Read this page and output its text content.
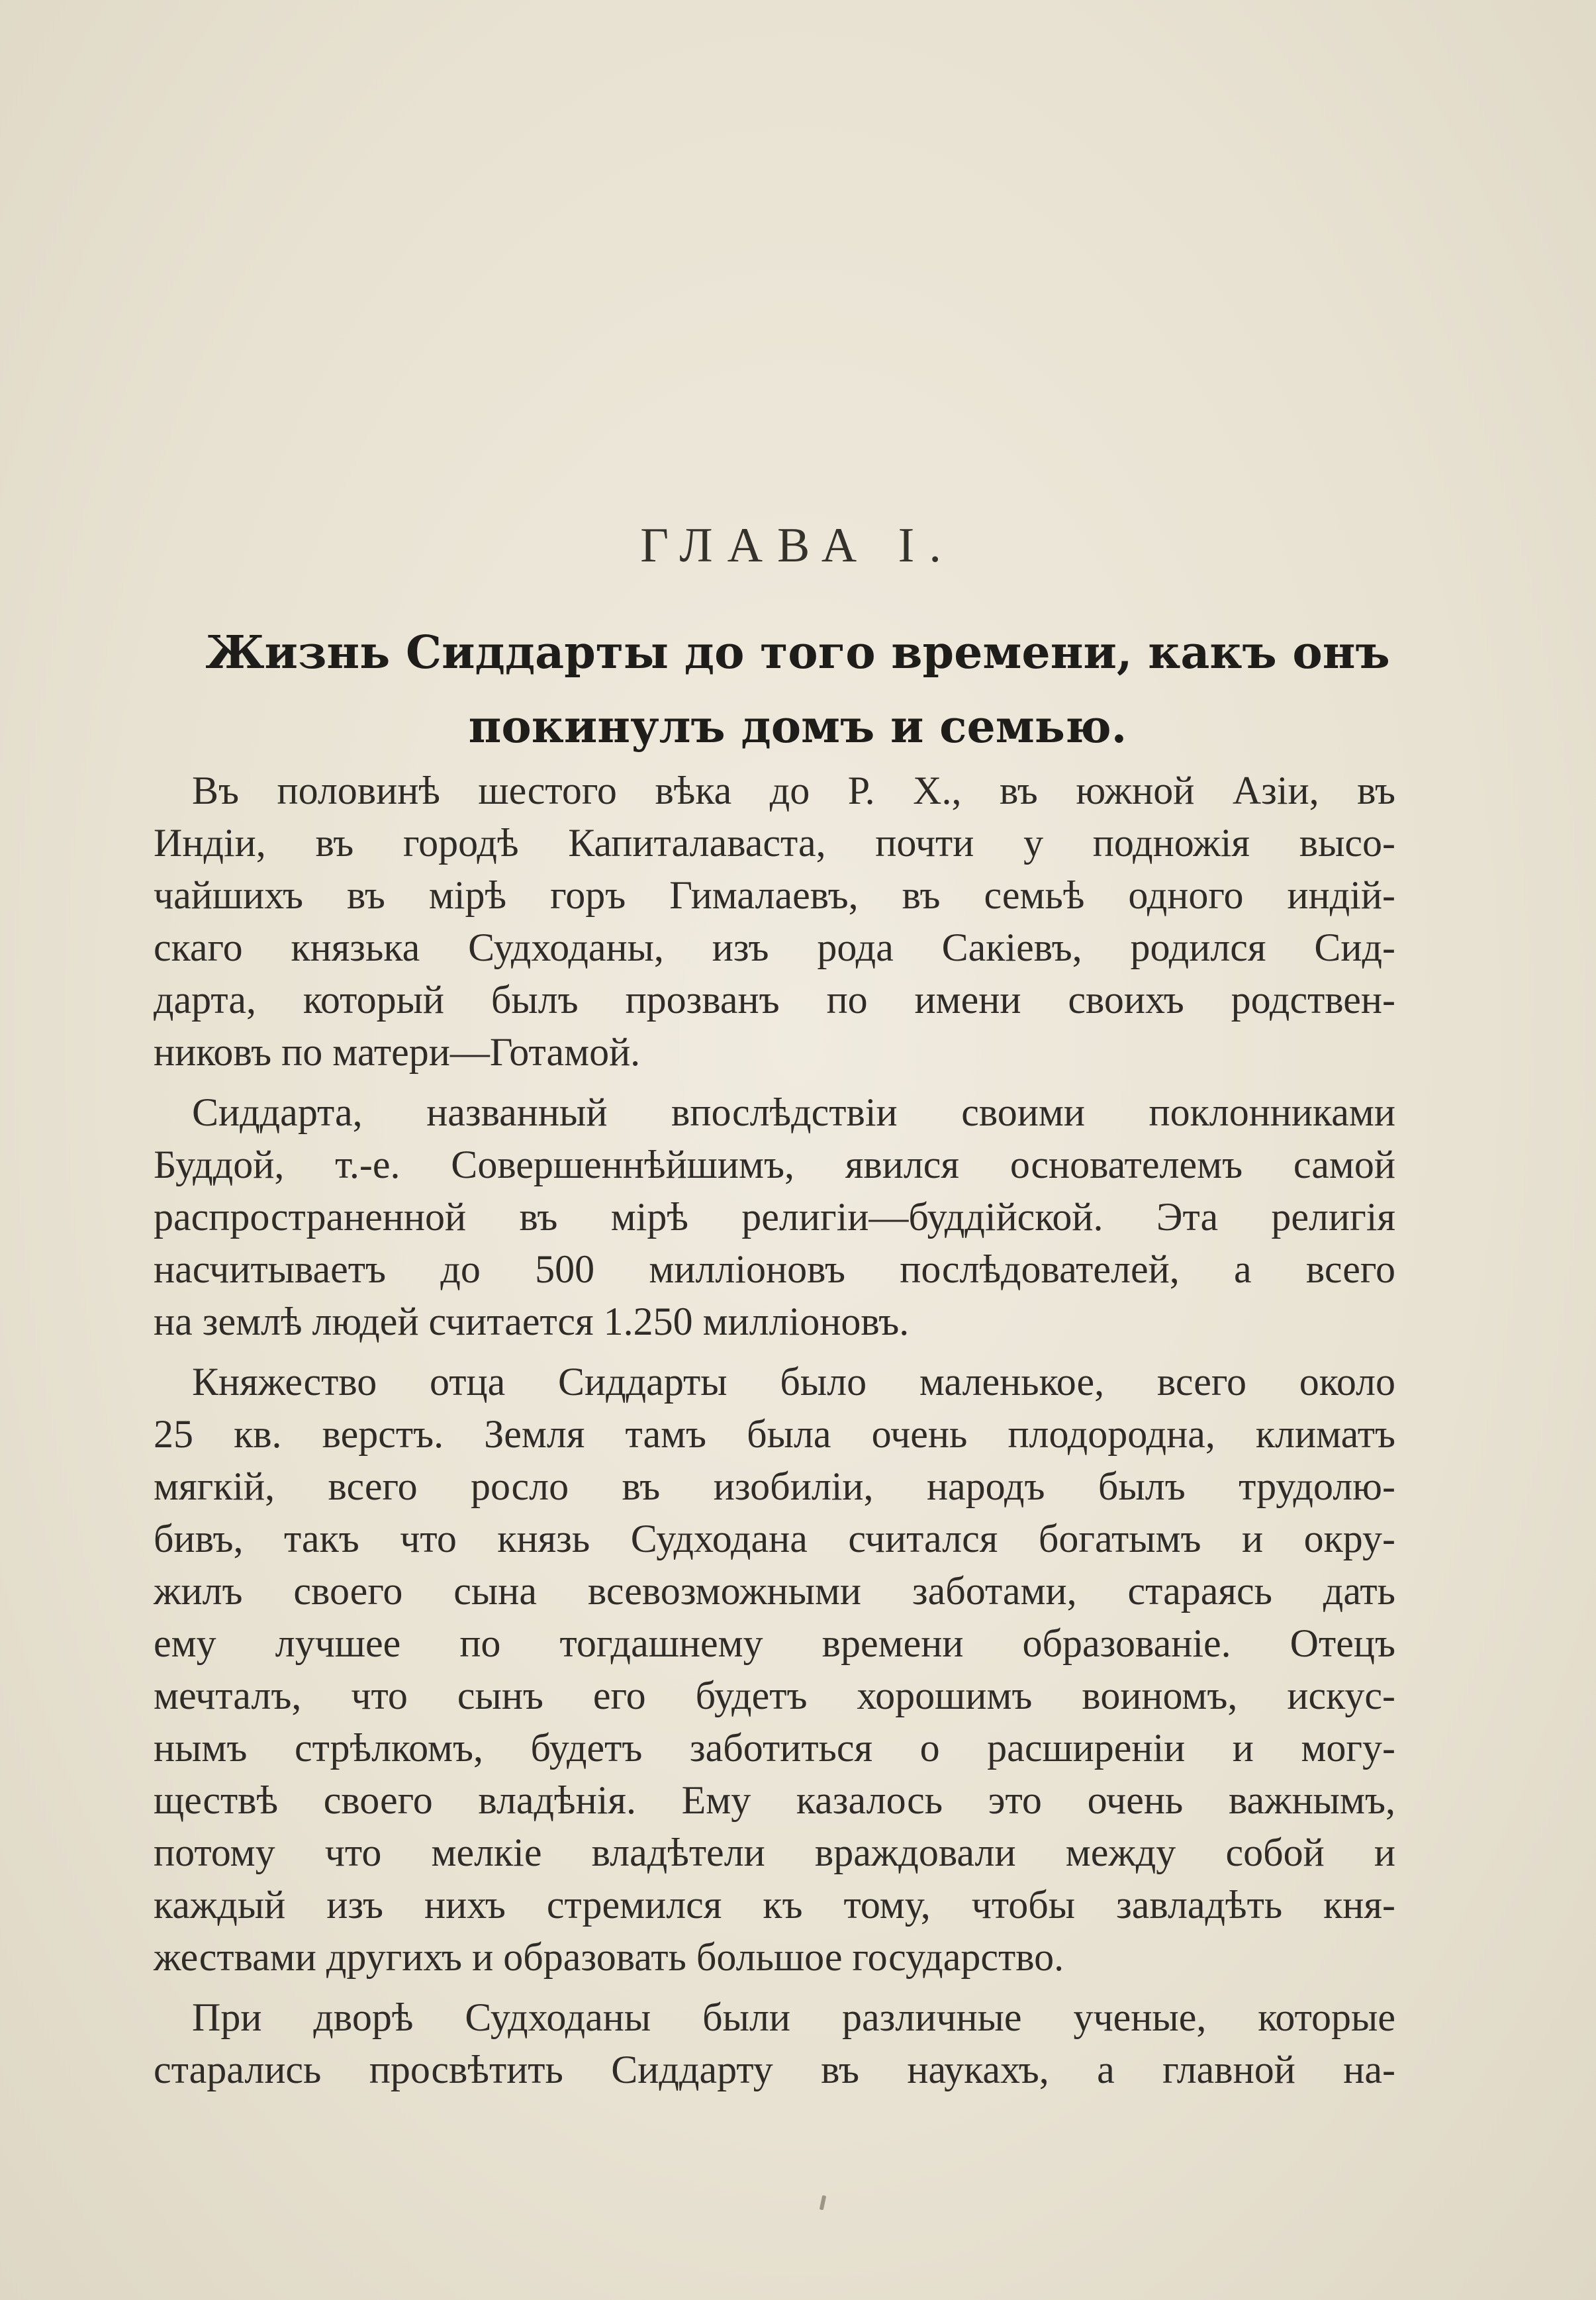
ГЛАВА I.
Жизнь Сиддарты до того времени, какъ онъ
покинулъ домъ и семью.

Въ половинѣ шестого вѣка до Р. Х., въ южной Азіи, въ
Индіи, въ городѣ Капиталаваста, почти у подножія высо-
чайшихъ въ мірѣ горъ Гималаевъ, въ семьѣ одного индій-
скаго князька Судходаны, изъ рода Сакіевъ, родился Сид-
дарта, который былъ прозванъ по имени своихъ родствен-
никовъ по матери—Готамой.

Сиддарта, названный впослѣдствіи своими поклонниками
Буддой, т.-е. Совершеннѣйшимъ, явился основателемъ самой
распространенной въ мірѣ религіи—буддійской. Эта религія
насчитываетъ до 500 милліоновъ послѣдователей, а всего
на землѣ людей считается 1.250 милліоновъ.

Княжество отца Сиддарты было маленькое, всего около
25 кв. верстъ. Земля тамъ была очень плодородна, климатъ
мягкій, всего росло въ изобиліи, народъ былъ трудолю-
бивъ, такъ что князь Судходана считался богатымъ и окру-
жилъ своего сына всевозможными заботами, стараясь дать
ему лучшее по тогдашнему времени образованіе. Отецъ
мечталъ, что сынъ его будетъ хорошимъ воиномъ, искус-
нымъ стрѣлкомъ, будетъ заботиться о расширеніи и могу-
ществѣ своего владѣнія. Ему казалось это очень важнымъ,
потому что мелкіе владѣтели враждовали между собой и
каждый изъ нихъ стремился къ тому, чтобы завладѣть кня-
жествами другихъ и образовать большое государство.

При дворѣ Судходаны были различные ученые, которые
старались просвѣтить Сиддарту въ наукахъ, а главной на-
